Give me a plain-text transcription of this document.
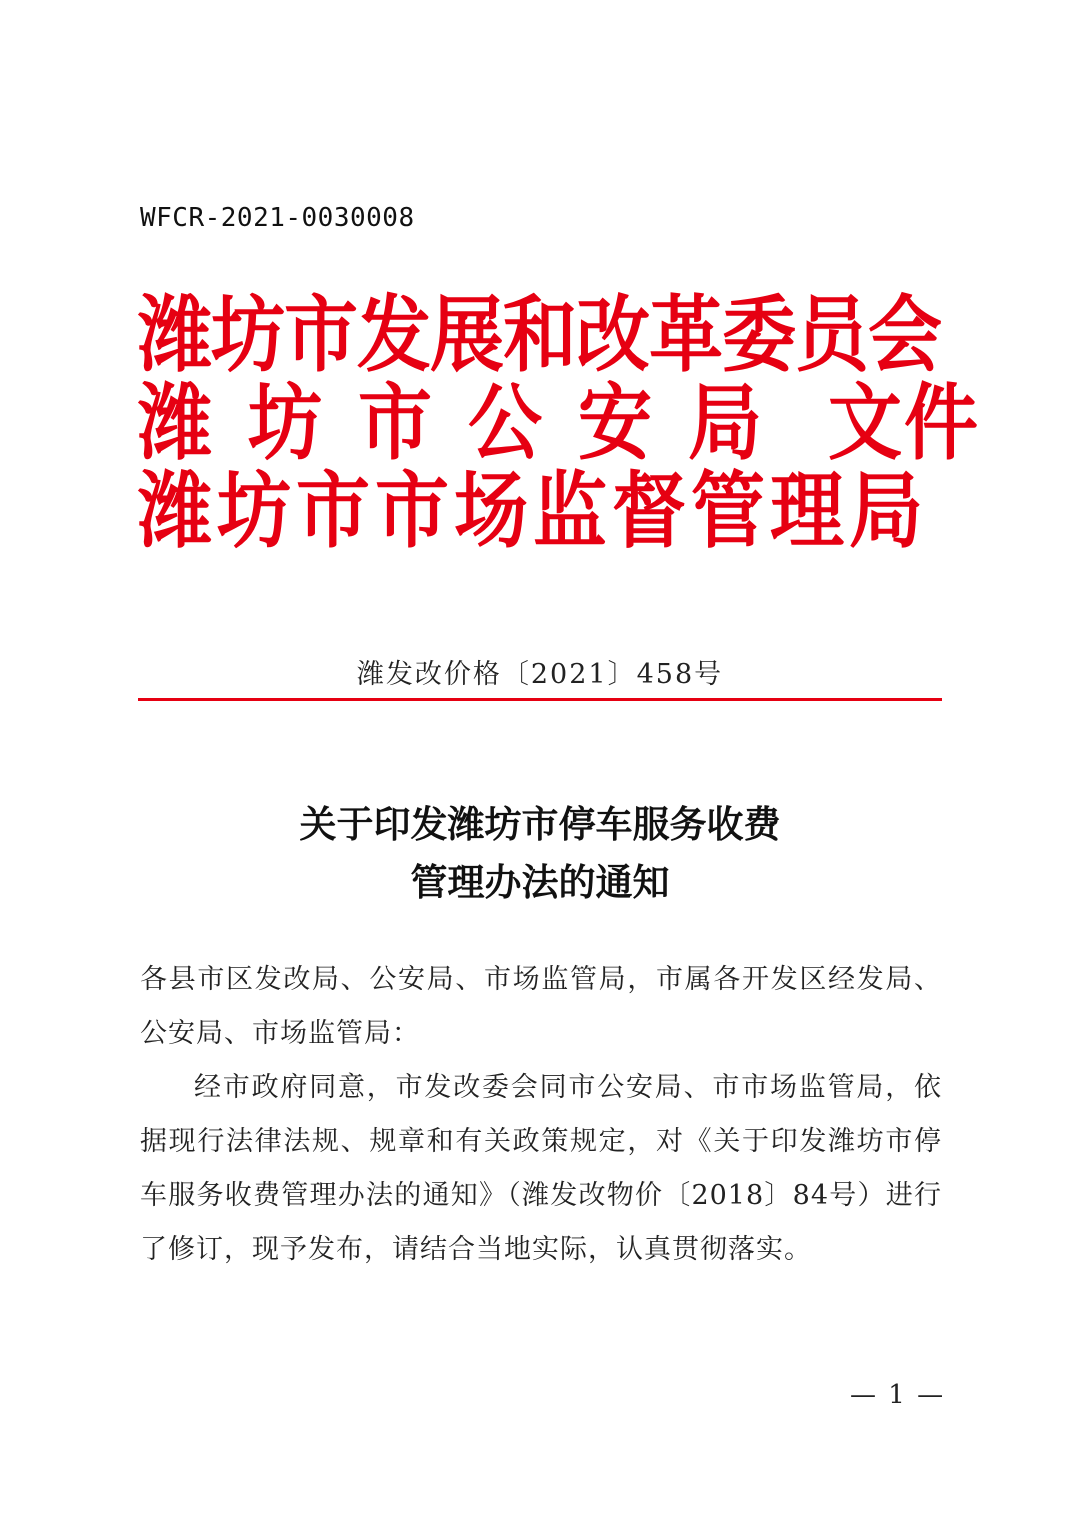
WFCR-2021-0030008
潍坊市发展和改革委员会
潍坊市公安局
潍坊市市场监督管理局
文件
潍发改价格〔2021〕458号
关于印发潍坊市停车服务收费
管理办法的通知

各县市区发改局、公安局、市场监管局，市属各开发区经发局、公安局、市场监管局：

经市政府同意，市发改委会同市公安局、市市场监管局，依据现行法律法规、规章和有关政策规定，对《关于印发潍坊市停车服务收费管理办法的通知》（潍发改物价〔2018〕84号）进行了修订，现予发布，请结合当地实际，认真贯彻落实。

— 1 —
